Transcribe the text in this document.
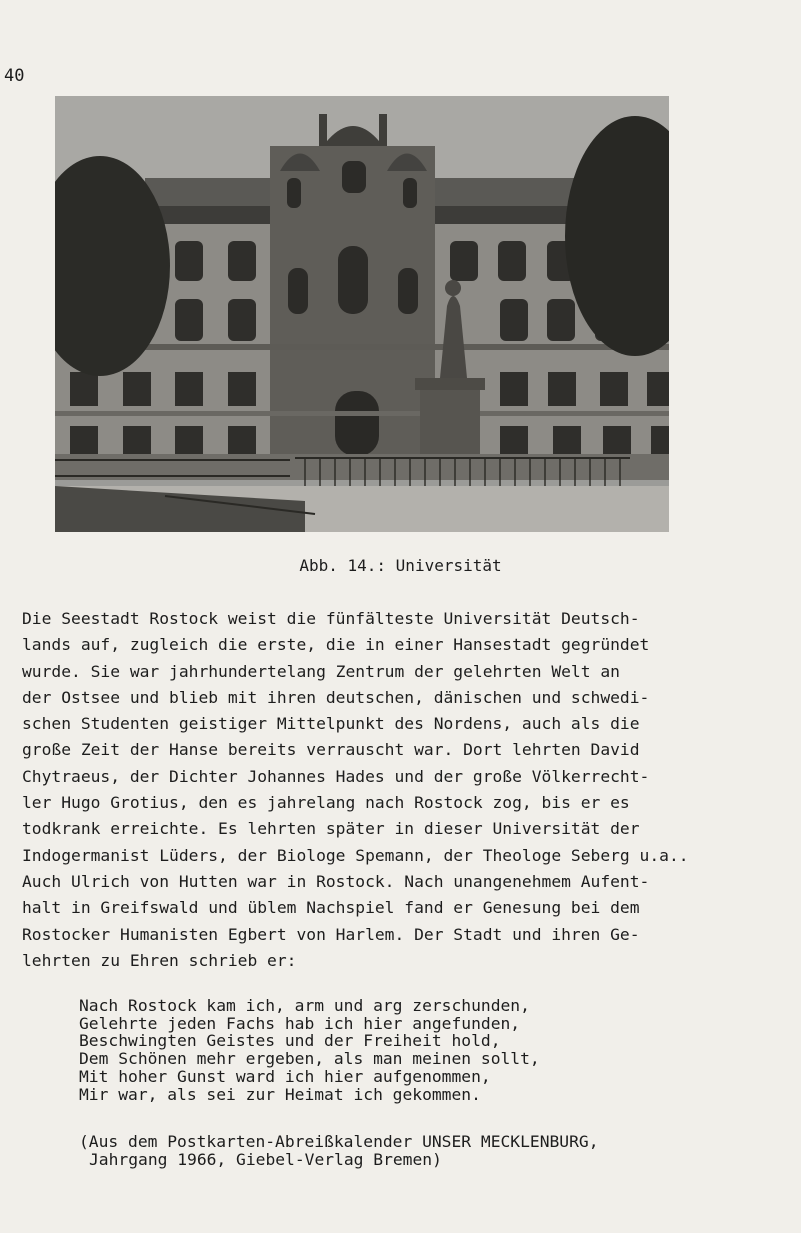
40
Abb. 14.: Universität
Die Seestadt Rostock weist die fünfälteste Universität Deutsch-
lands auf, zugleich die erste, die in einer Hansestadt gegründet
wurde. Sie war jahrhundertelang Zentrum der gelehrten Welt an
der Ostsee und blieb mit ihren deutschen, dänischen und schwedi-
schen Studenten geistiger Mittelpunkt des Nordens, auch als die
große Zeit der Hanse bereits verrauscht war. Dort lehrten David
Chytraeus, der Dichter Johannes Hades und der große Völkerrecht-
ler Hugo Grotius, den es jahrelang nach Rostock zog, bis er es
todkrank erreichte. Es lehrten später in dieser Universität der
Indogermanist Lüders, der Biologe Spemann, der Theologe Seberg u.a..
Auch Ulrich von Hutten war in Rostock. Nach unangenehmem Aufent-
halt in Greifswald und üblem Nachspiel fand er Genesung bei dem
Rostocker Humanisten Egbert von Harlem. Der Stadt und ihren Ge-
lehrten zu Ehren schrieb er:
Nach Rostock kam ich, arm und arg zerschunden,
Gelehrte jeden Fachs hab ich hier angefunden,
Beschwingten Geistes und der Freiheit hold,
Dem Schönen mehr ergeben, als man meinen sollt,
Mit hoher Gunst ward ich hier aufgenommen,
Mir war, als sei zur Heimat ich gekommen.
(Aus dem Postkarten-Abreißkalender UNSER MECKLENBURG,
Jahrgang 1966, Giebel-Verlag Bremen)
